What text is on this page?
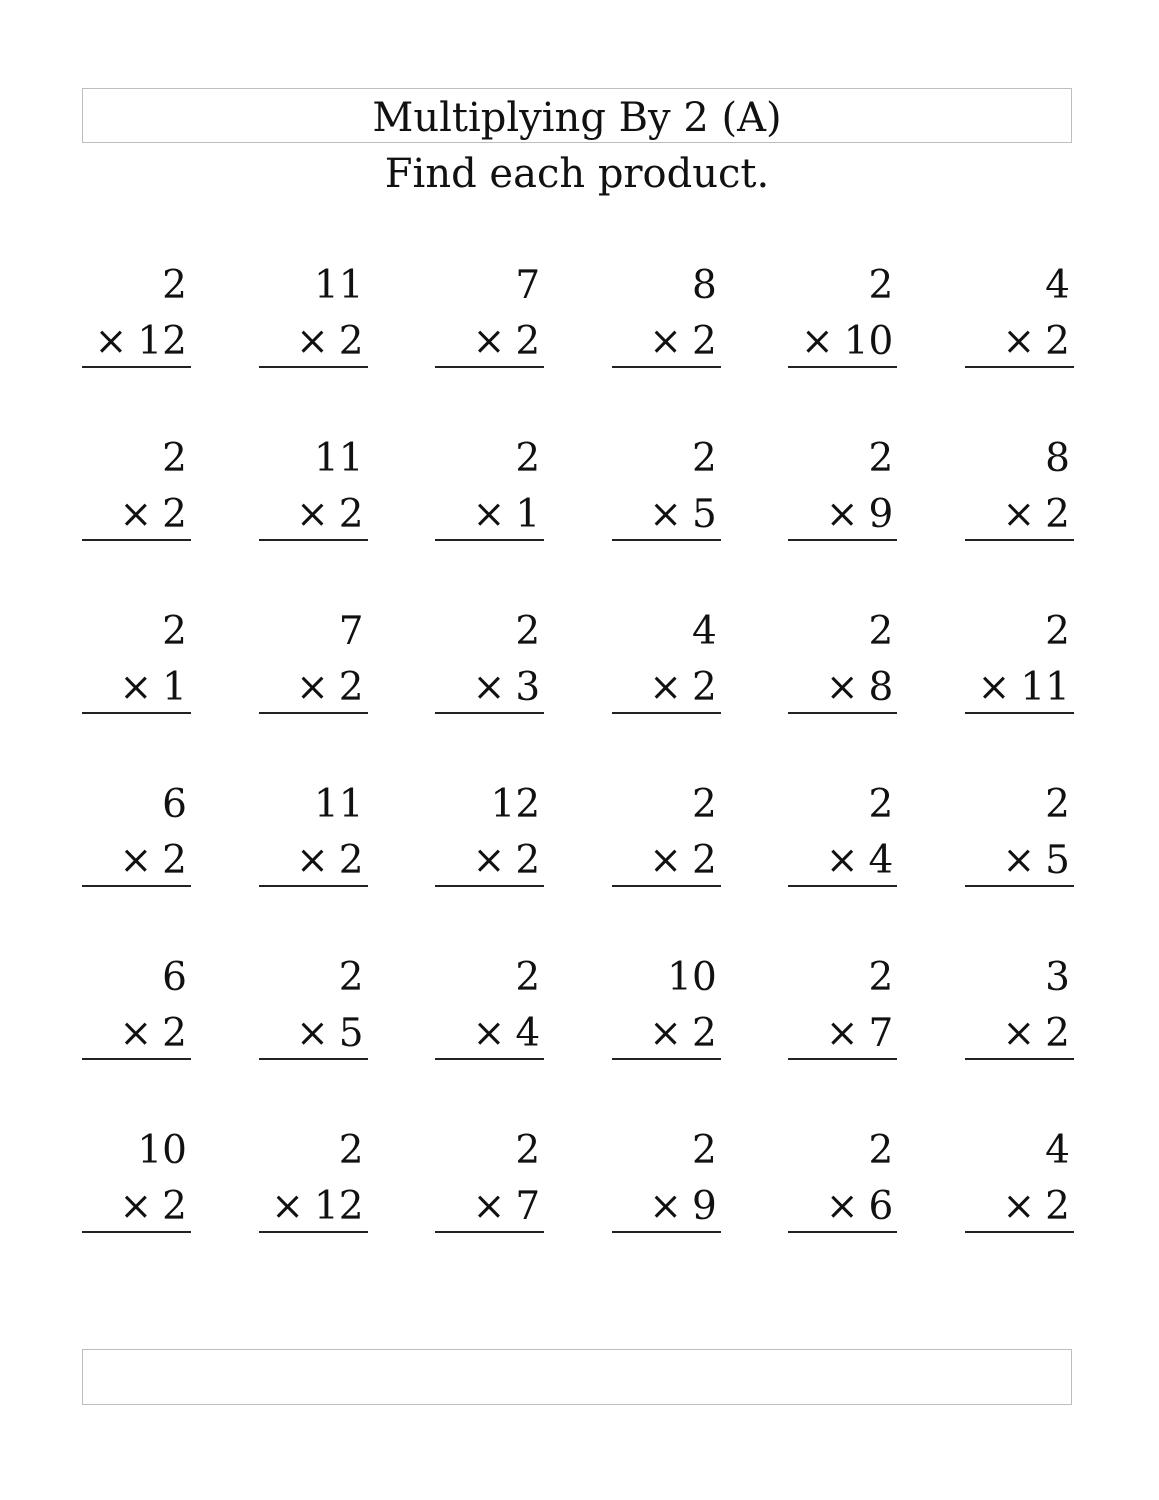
Multiplying By 2 (A)
Find each product.
2
× 12
11
× 2
7
× 2
8
× 2
2
× 10
4
× 2
2
× 2
11
× 2
2
× 1
2
× 5
2
× 9
8
× 2
2
× 1
7
× 2
2
× 3
4
× 2
2
× 8
2
× 11
6
× 2
11
× 2
12
× 2
2
× 2
2
× 4
2
× 5
6
× 2
2
× 5
2
× 4
10
× 2
2
× 7
3
× 2
10
× 2
2
× 12
2
× 7
2
× 9
2
× 6
4
× 2
